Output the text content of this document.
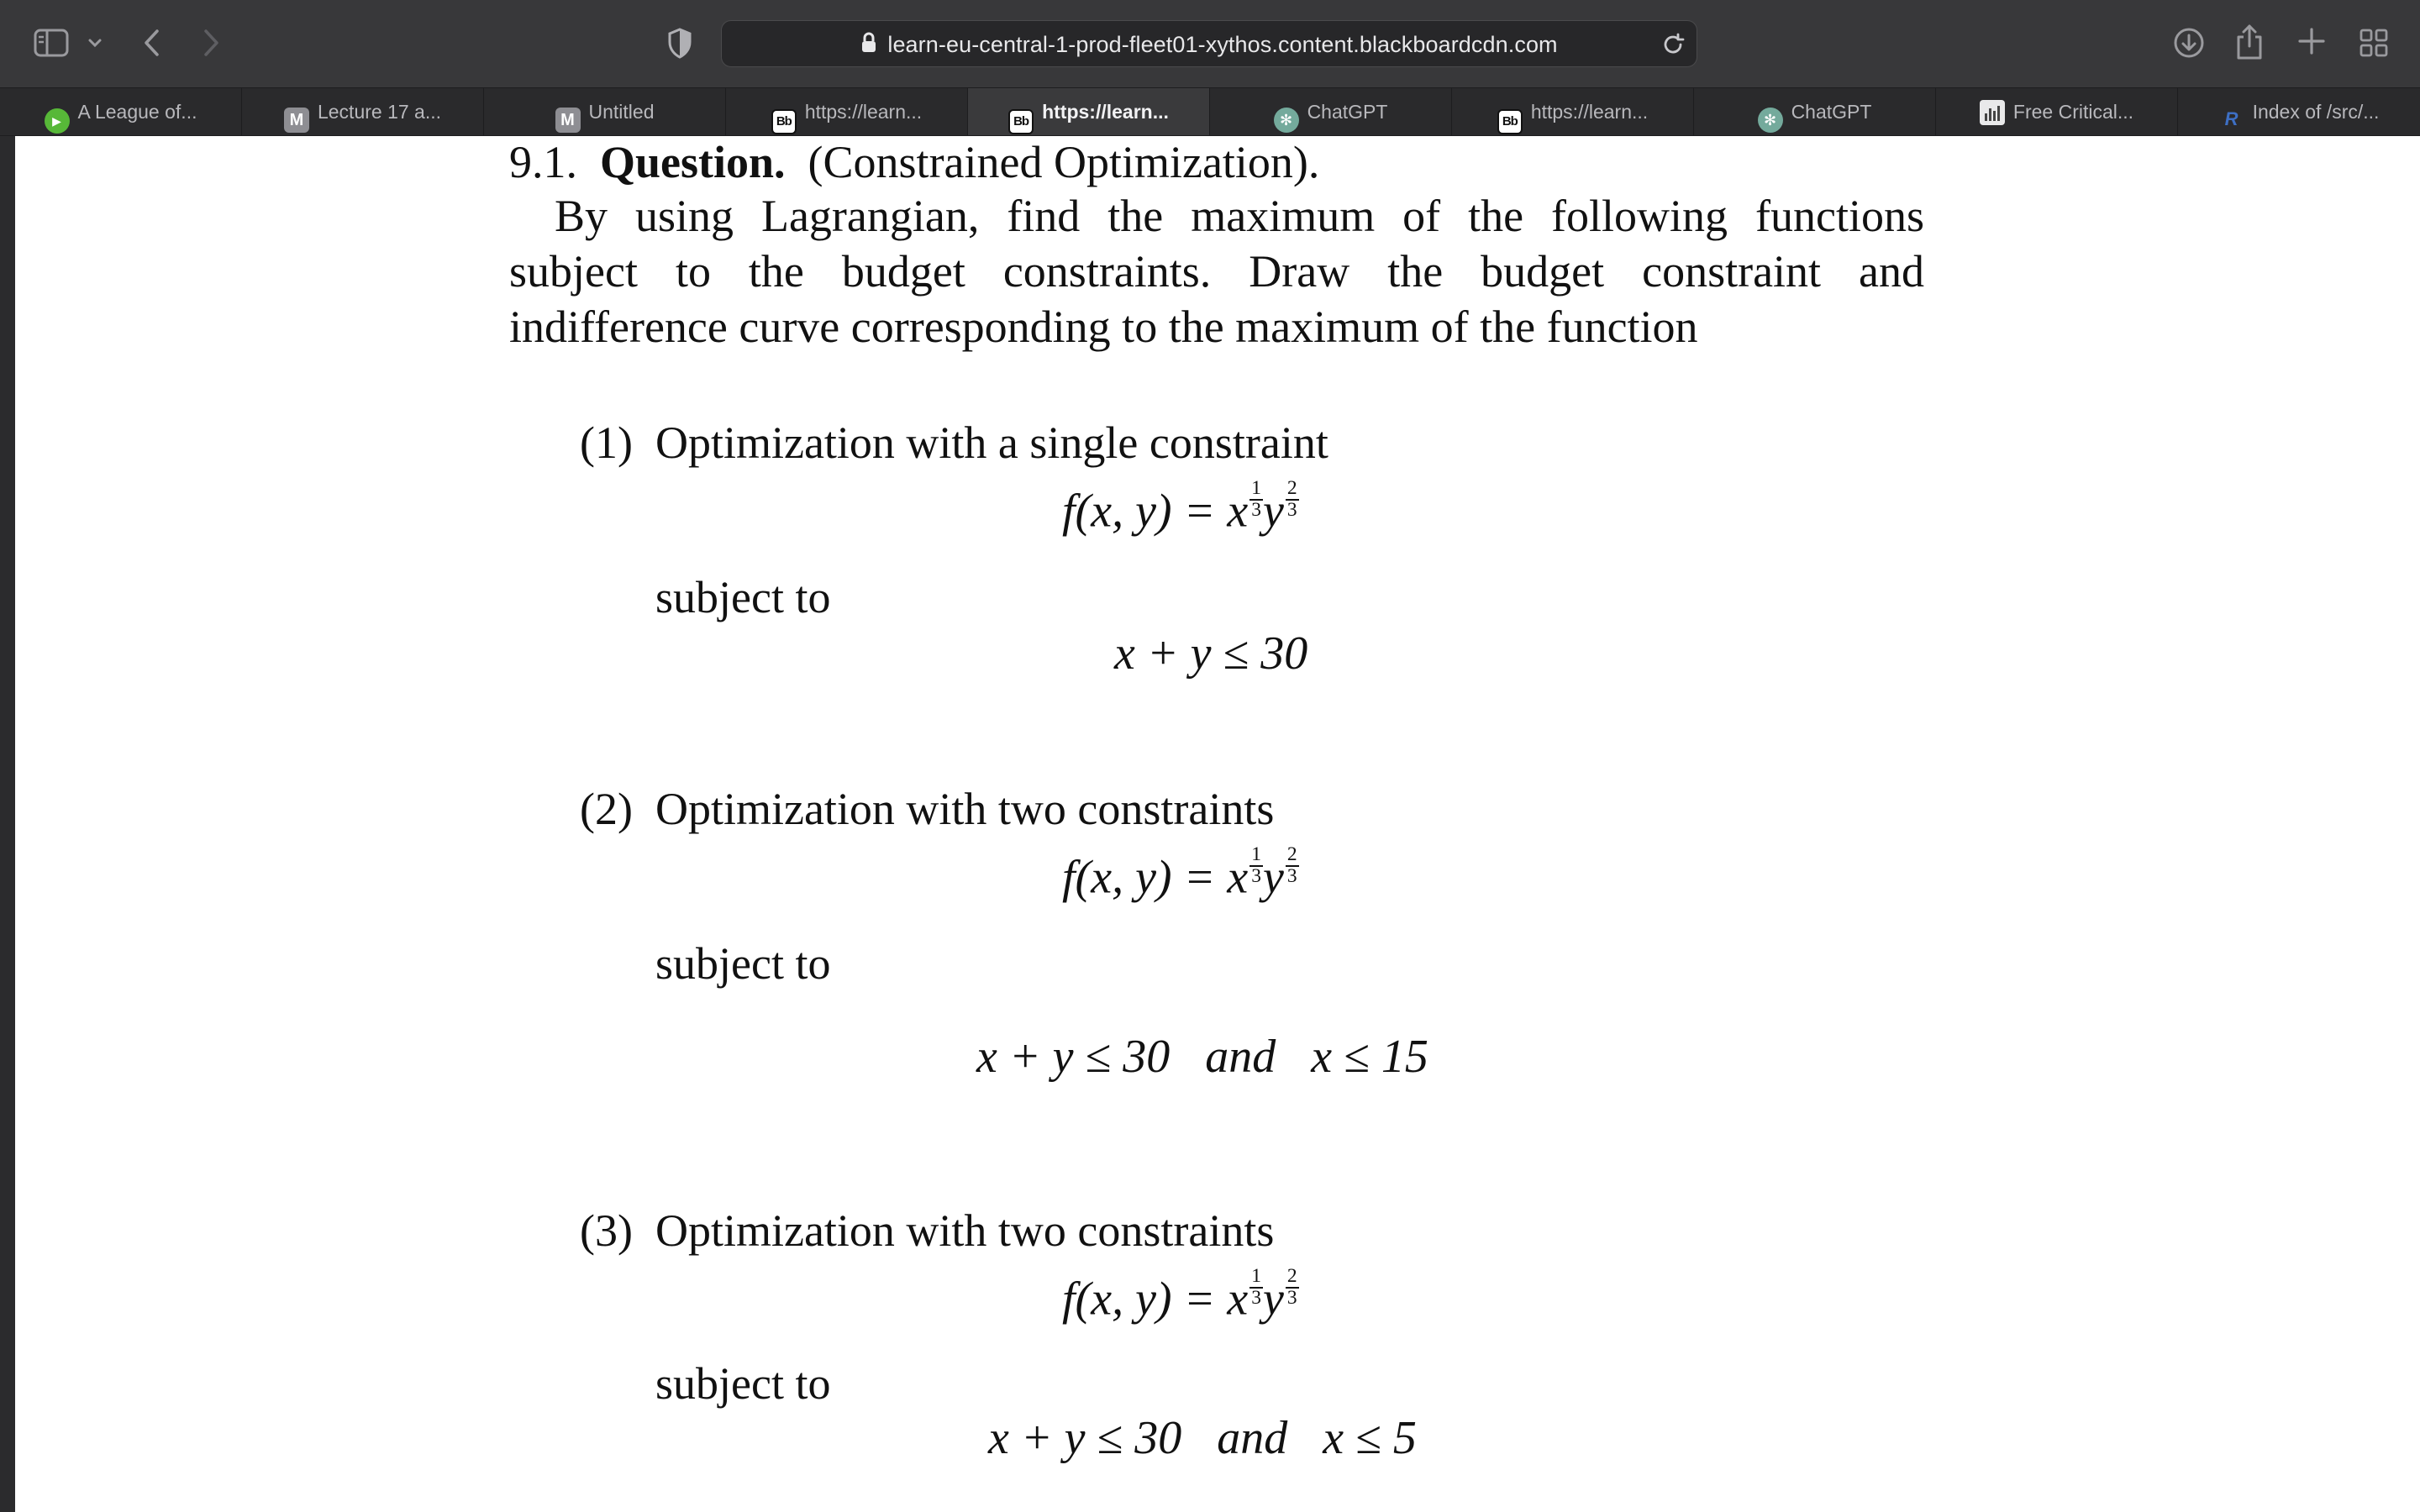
learn-eu-central-1-prod-fleet01-xythos.content.blackboardcdn.com
▶ A League of...	M Lecture 17 a...	M Untitled	Bb https://learn...	Bb https://learn...	✻ ChatGPT	Bb https://learn...	✻ ChatGPT	Free Critical...	R Index of /src/...
9.1. Question. (Constrained Optimization).
By using Lagrangian, find the maximum of the following functions
subject to the budget constraints. Draw the budget constraint and
indifference curve corresponding to the maximum of the function
(1) Optimization with a single constraint
f(x, y) = x $\frac{1}{3}$ y $\frac{2}{3}$
subject to
x + y ≤ 30
(2) Optimization with two constraints
f(x, y) = x $\frac{1}{3}$ y $\frac{2}{3}$
subject to
x + y ≤ 30 and x ≤ 15
(3) Optimization with two constraints
f(x, y) = x $\frac{1}{3}$ y $\frac{2}{3}$
subject to
x + y ≤ 30 and x ≤ 5
